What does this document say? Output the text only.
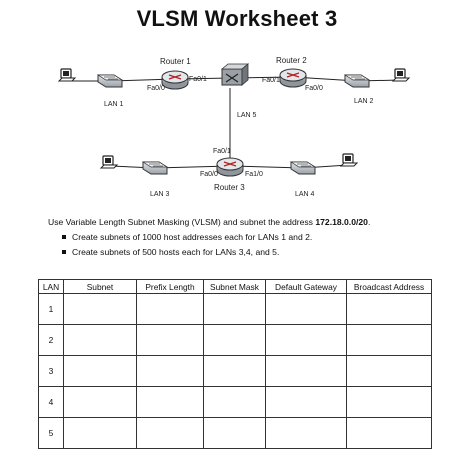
VLSM Worksheet 3
Router 1	Router 2
Router 3
LAN 1	LAN 2
LAN 3	LAN 4
LAN 5
Fa0/0
Fa0/1	Fa0/1
Fa0/0
Fa0/1
Fa0/0	Fa1/0
Use Variable Length Subnet Masking (VLSM) and subnet the address 172.18.0.0/20.
Create subnets of 1000 host addresses each for LANs 1 and 2.
Create subnets of 500 hosts each for LANs 3,4, and 5.
LAN	Subnet	Prefix Length	Subnet Mask	Default Gateway	Broadcast Address
1					
2					
3					
4					
5					
